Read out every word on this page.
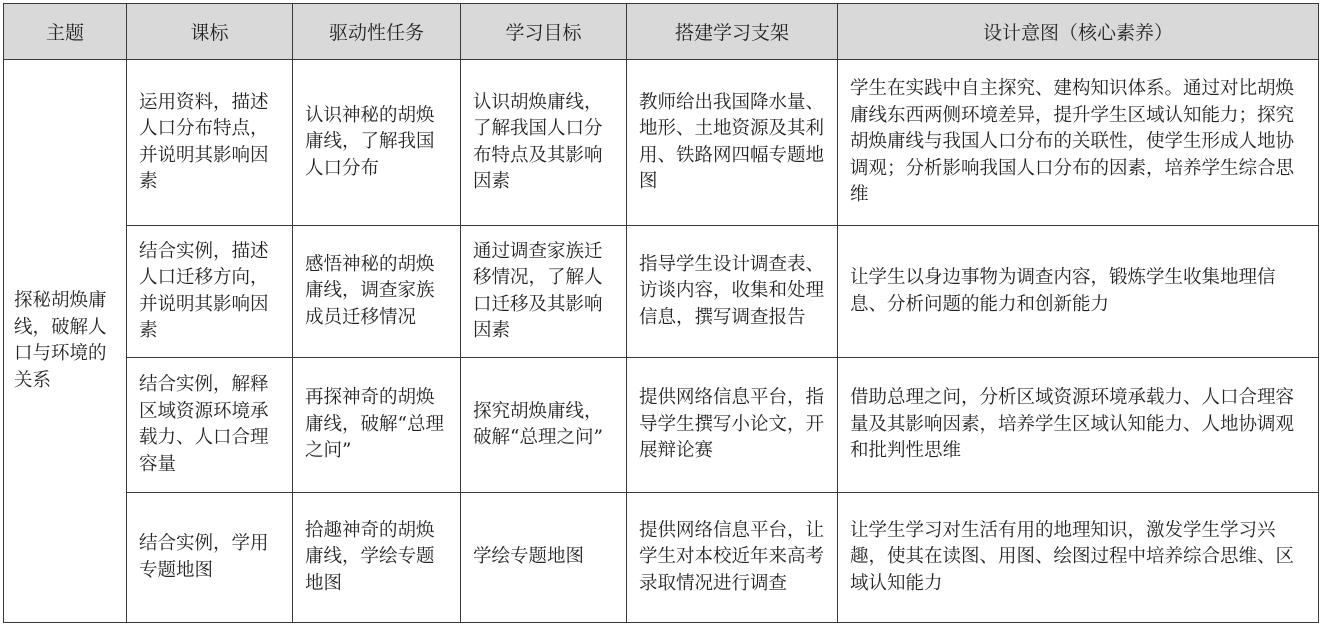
主题	课标	驱动性任务	学习目标	搭建学习支架	设计意图（核心素养）
探秘胡焕庸线，破解人口与环境的关系	运用资料，描述人口分布特点，并说明其影响因素	认识神秘的胡焕庸线，了解我国人口分布	认识胡焕庸线，了解我国人口分布特点及其影响因素	教师给出我国降水量、地形、土地资源及其利用、铁路网四幅专题地图	学生在实践中自主探究、建构知识体系。通过对比胡焕庸线东西两侧环境差异，提升学生区域认知能力；探究胡焕庸线与我国人口分布的关联性，使学生形成人地协调观；分析影响我国人口分布的因素，培养学生综合思维
	结合实例，描述人口迁移方向，并说明其影响因素	感悟神秘的胡焕庸线，调查家族成员迁移情况	通过调查家族迁移情况，了解人口迁移及其影响因素	指导学生设计调查表、访谈内容，收集和处理信息，撰写调查报告	让学生以身边事物为调查内容，锻炼学生收集地理信息、分析问题的能力和创新能力
	结合实例，解释区域资源环境承载力、人口合理容量	再探神奇的胡焕庸线，破解“总理之问”	探究胡焕庸线，破解“总理之问”	提供网络信息平台，指导学生撰写小论文，开展辩论赛	借助总理之问，分析区域资源环境承载力、人口合理容量及其影响因素，培养学生区域认知能力、人地协调观和批判性思维
	结合实例，学用专题地图	拾趣神奇的胡焕庸线，学绘专题地图	学绘专题地图	提供网络信息平台，让学生对本校近年来高考录取情况进行调查	让学生学习对生活有用的地理知识，激发学生学习兴趣，使其在读图、用图、绘图过程中培养综合思维、区域认知能力
